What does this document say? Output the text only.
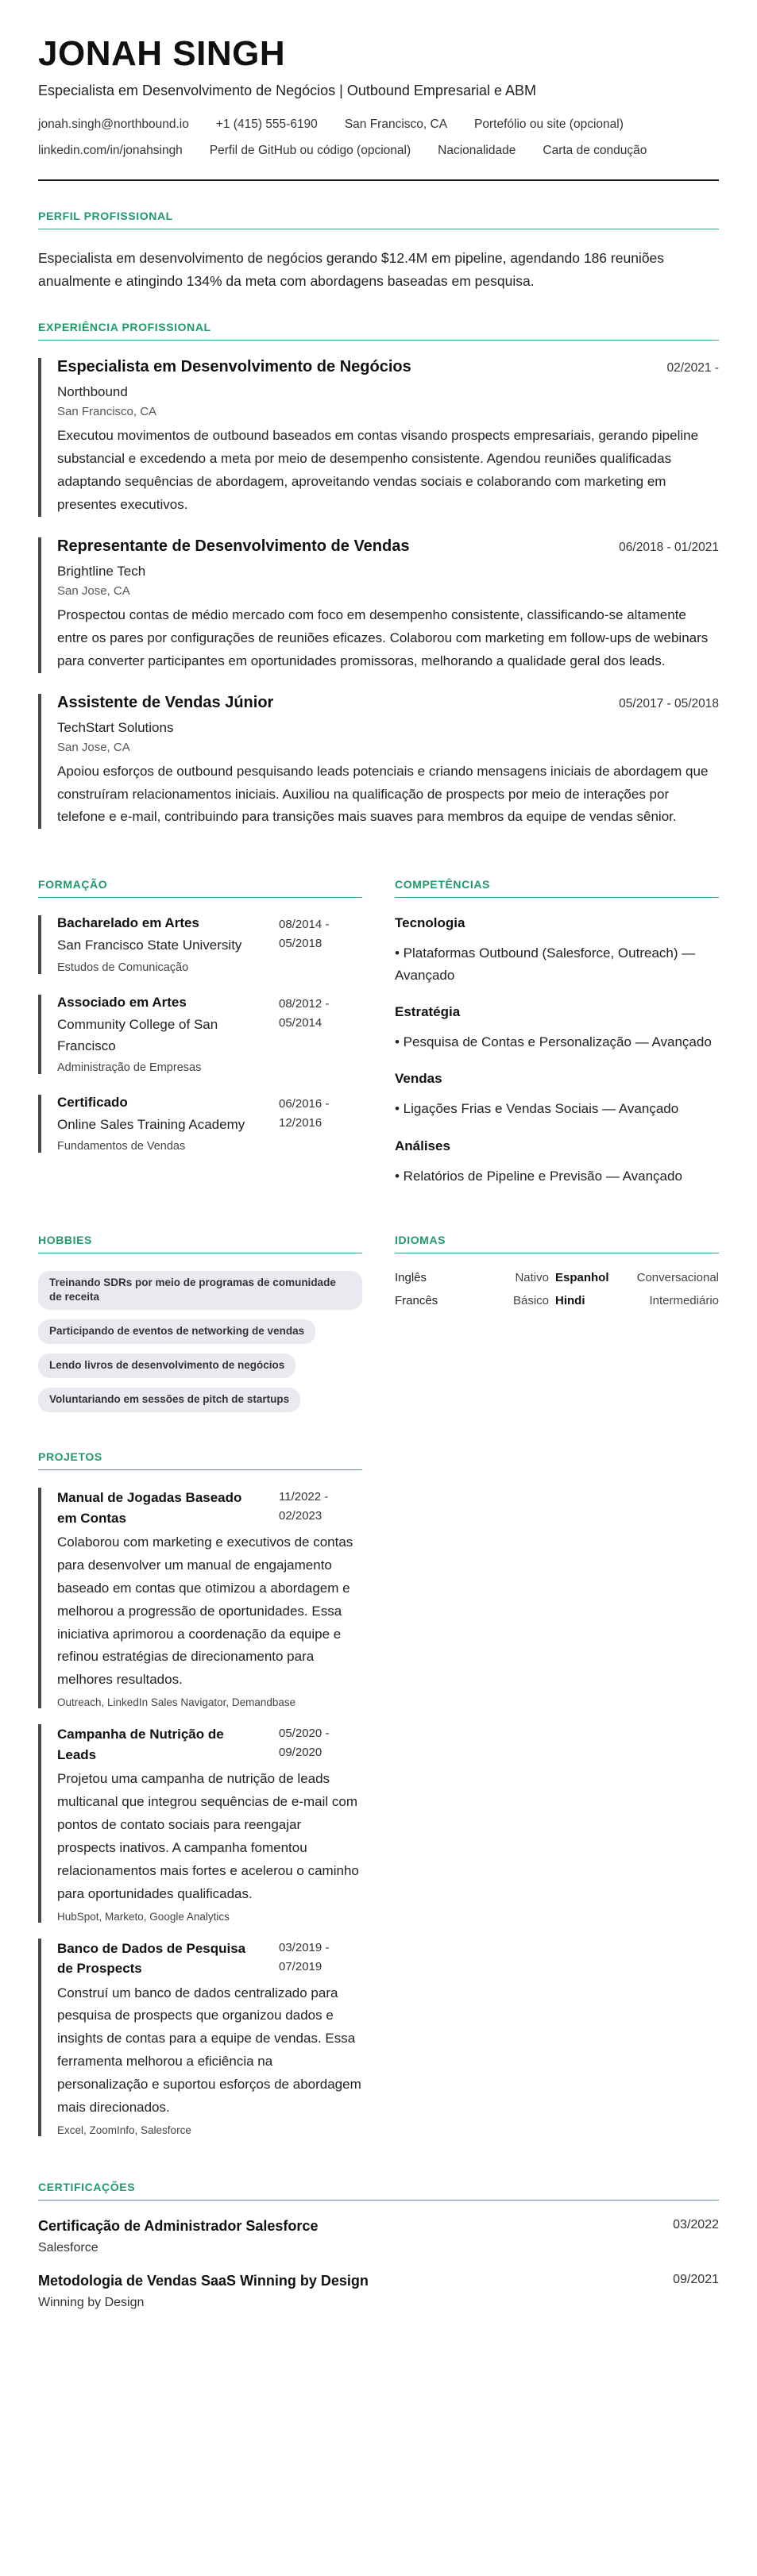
JONAH SINGH
Especialista em Desenvolvimento de Negócios | Outbound Empresarial e ABM
jonah.singh@northbound.io +1 (415) 555-6190 San Francisco, CA Portefólio ou site (opcional)
linkedin.com/in/jonahsingh Perfil de GitHub ou código (opcional) Nacionalidade Carta de condução
PERFIL PROFISSIONAL
Especialista em desenvolvimento de negócios gerando $12.4M em pipeline, agendando 186 reuniões anualmente e atingindo 134% da meta com abordagens baseadas em pesquisa.
EXPERIÊNCIA PROFISSIONAL
Especialista em Desenvolvimento de Negócios	02/2021 -
Northbound
San Francisco, CA
Executou movimentos de outbound baseados em contas visando prospects empresariais, gerando pipeline substancial e excedendo a meta por meio de desempenho consistente. Agendou reuniões qualificadas adaptando sequências de abordagem, aproveitando vendas sociais e colaborando com marketing em presentes executivos.
Representante de Desenvolvimento de Vendas	06/2018 - 01/2021
Brightline Tech
San Jose, CA
Prospectou contas de médio mercado com foco em desempenho consistente, classificando-se altamente entre os pares por configurações de reuniões eficazes. Colaborou com marketing em follow-ups de webinars para converter participantes em oportunidades promissoras, melhorando a qualidade geral dos leads.
Assistente de Vendas Júnior	05/2017 - 05/2018
TechStart Solutions
San Jose, CA
Apoiou esforços de outbound pesquisando leads potenciais e criando mensagens iniciais de abordagem que construíram relacionamentos iniciais. Auxiliou na qualificação de prospects por meio de interações por telefone e e-mail, contribuindo para transições mais suaves para membros da equipe de vendas sênior.
FORMAÇÃO
Bacharelado em Artes
San Francisco State University
Estudos de Comunicação
08/2014 - 05/2018
Associado em Artes
Community College of San Francisco
Administração de Empresas
08/2012 - 05/2014
Certificado
Online Sales Training Academy
Fundamentos de Vendas
06/2016 - 12/2016
COMPETÊNCIAS
Tecnologia
• Plataformas Outbound (Salesforce, Outreach) — Avançado
Estratégia
• Pesquisa de Contas e Personalização — Avançado
Vendas
• Ligações Frias e Vendas Sociais — Avançado
Análises
• Relatórios de Pipeline e Previsão — Avançado
HOBBIES
Treinando SDRs por meio de programas de comunidade de receita
Participando de eventos de networking de vendas
Lendo livros de desenvolvimento de negócios
Voluntariando em sessões de pitch de startups
IDIOMAS
Inglês	Nativo Espanhol	Conversacional
Francês	Básico Hindi	Intermediário
PROJETOS
Manual de Jogadas Baseado em Contas
11/2022 - 02/2023
Colaborou com marketing e executivos de contas para desenvolver um manual de engajamento baseado em contas que otimizou a abordagem e melhorou a progressão de oportunidades. Essa iniciativa aprimorou a coordenação da equipe e refinou estratégias de direcionamento para melhores resultados.
Outreach, LinkedIn Sales Navigator, Demandbase
Campanha de Nutrição de Leads
05/2020 - 09/2020
Projetou uma campanha de nutrição de leads multicanal que integrou sequências de e-mail com pontos de contato sociais para reengajar prospects inativos. A campanha fomentou relacionamentos mais fortes e acelerou o caminho para oportunidades qualificadas.
HubSpot, Marketo, Google Analytics
Banco de Dados de Pesquisa de Prospects
03/2019 - 07/2019
Construí um banco de dados centralizado para pesquisa de prospects que organizou dados e insights de contas para a equipe de vendas. Essa ferramenta melhorou a eficiência na personalização e suportou esforços de abordagem mais direcionados.
Excel, ZoomInfo, Salesforce
CERTIFICAÇÕES
Certificação de Administrador Salesforce
Salesforce
03/2022
Metodologia de Vendas SaaS Winning by Design
Winning by Design
09/2021
